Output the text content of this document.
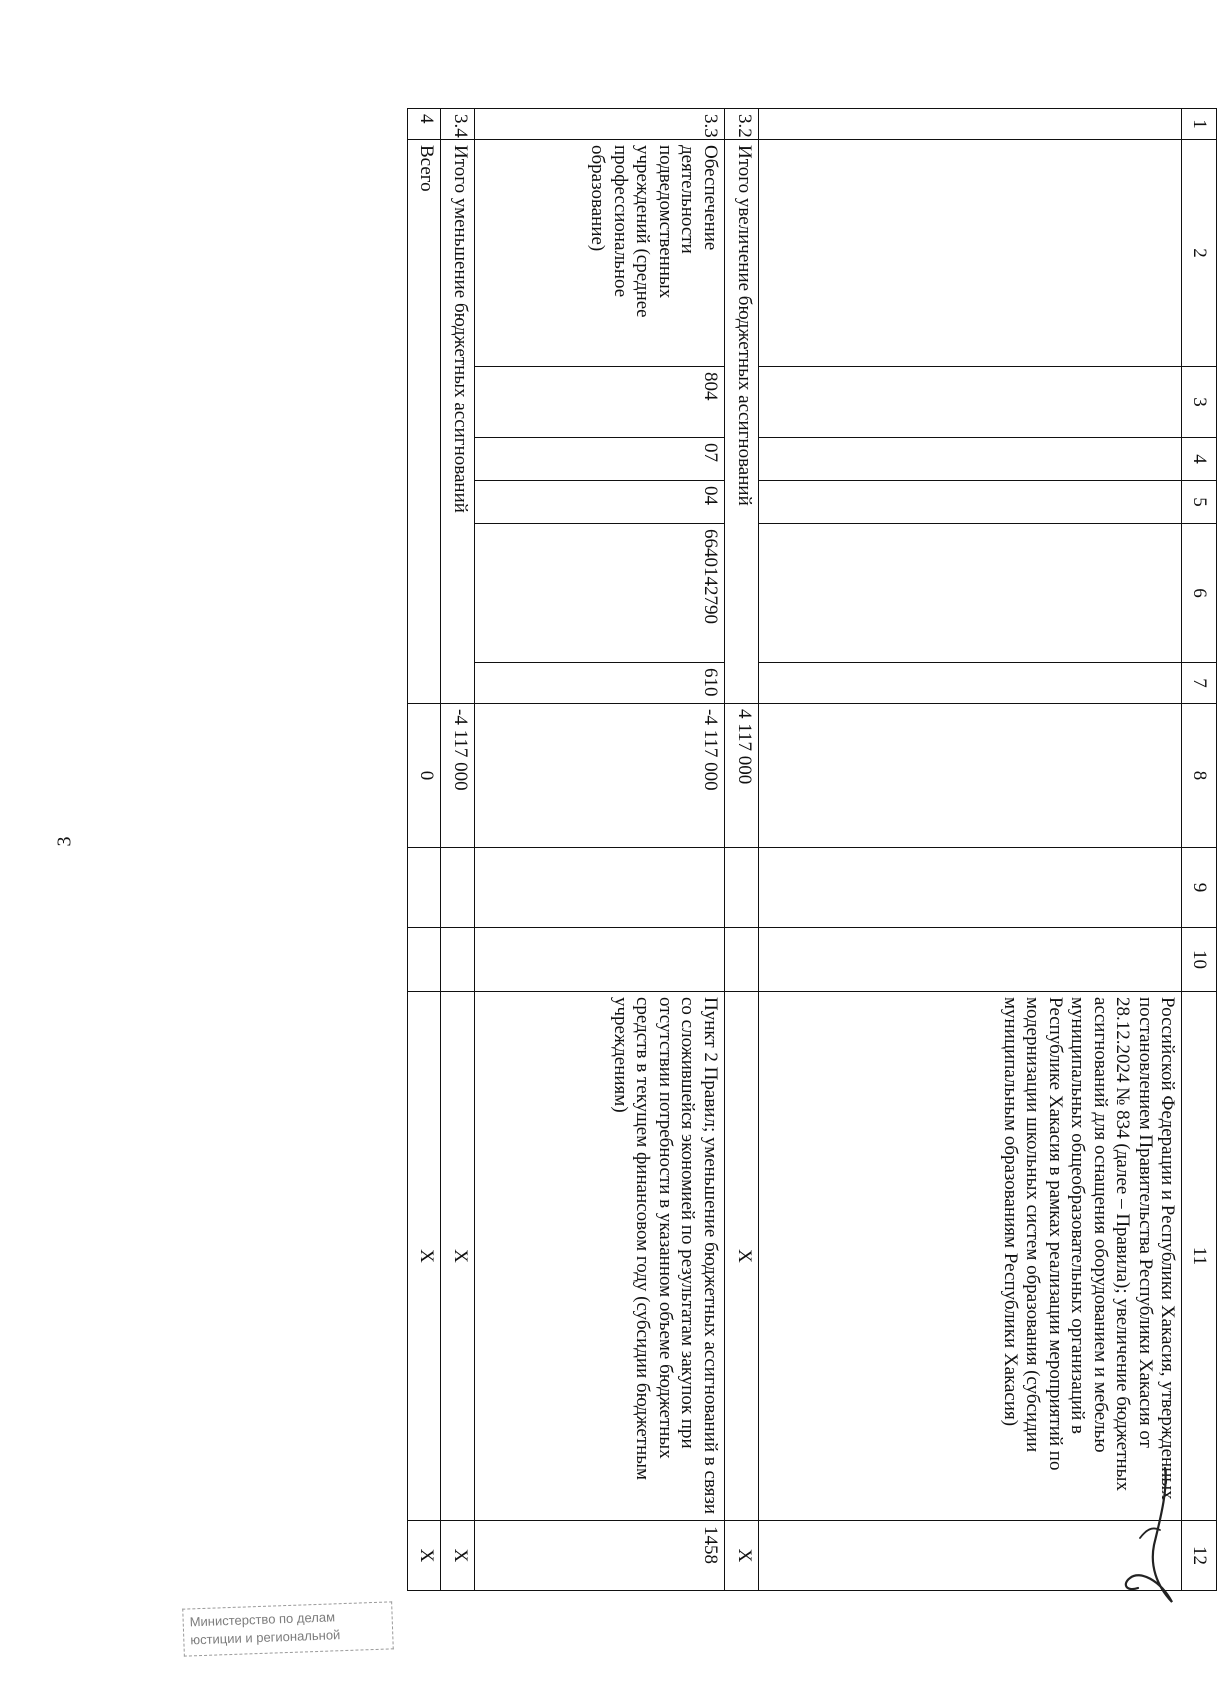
3
1	2	3	4	5	6	7	8	9	10	11	12
										Российской Федерации и Республики Хакасия, утвержденных постановлением Правительства Республики Хакасия от 28.12.2024 № 834 (далее – Правила); увеличение бюджетных ассигнований для оснащения оборудованием и мебелью муниципальных общеобразовательных организаций в Республике Хакасия в рамках реализации мероприятий по модернизации школьных систем образования (субсидии муниципальным образованиям Республики Хакасия)	
3.2	Итого увеличение бюджетных ассигнований						4 117 000			Х	Х
3.3	Обеспечение деятельности подведомственных учреждений (среднее профессиональное образование)	804	07	04	6640142790	610	-4 117 000			Пункт 2 Правил; уменьшение бюджетных ассигнований в связи со сложившейся экономией по результатам закупок при отсутствии потребности в указанном объеме бюджетных средств в текущем финансовом году (субсидии бюджетным учреждениям)	1458
3.4	Итого уменьшение бюджетных ассигнований						-4 117 000			Х	Х
4	Всего						0			Х	Х
Министерство по делам
юстиции и региональной
